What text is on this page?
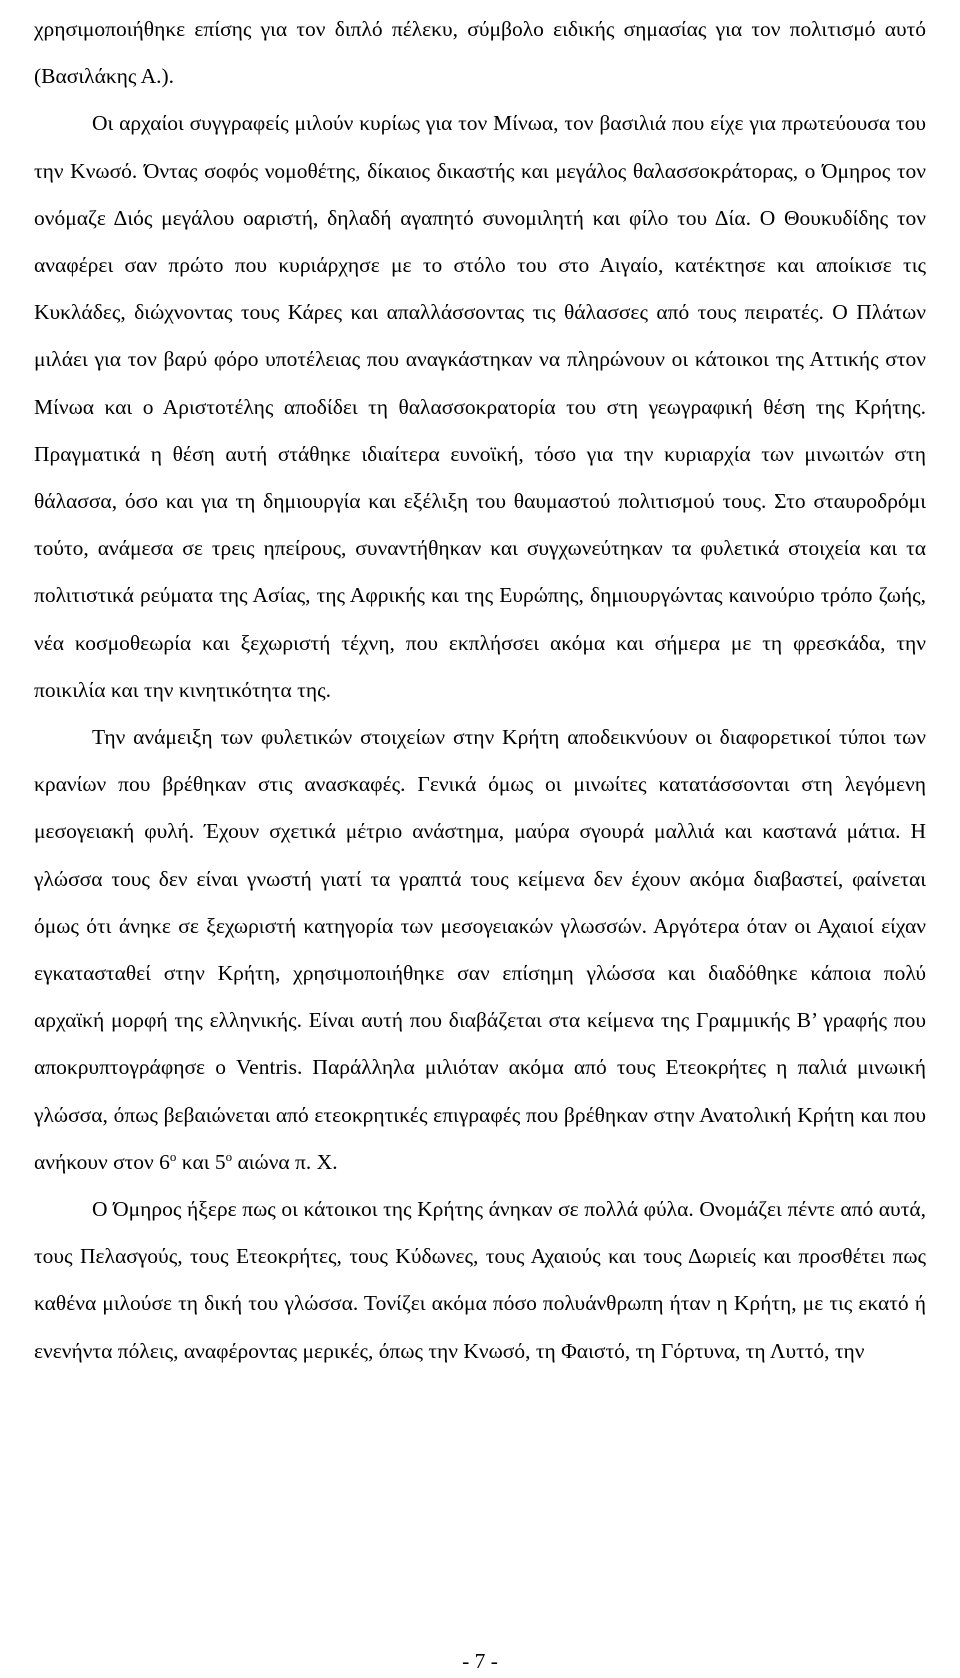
χρησιμοποιήθηκε επίσης για τον διπλό πέλεκυ, σύμβολο ειδικής σημασίας για τον πολιτισμό αυτό (Βασιλάκης Α.).

Οι αρχαίοι συγγραφείς μιλούν κυρίως για τον Μίνωα, τον βασιλιά που είχε για πρωτεύουσα του την Κνωσό. Όντας σοφός νομοθέτης, δίκαιος δικαστής και μεγάλος θαλασσοκράτορας, ο Όμηρος τον ονόμαζε Διός μεγάλου οαριστή, δηλαδή αγαπητό συνομιλητή και φίλο του Δία. Ο Θουκυδίδης τον αναφέρει σαν πρώτο που κυριάρχησε με το στόλο του στο Αιγαίο, κατέκτησε και αποίκισε τις Κυκλάδες, διώχνοντας τους Κάρες και απαλλάσσοντας τις θάλασσες από τους πειρατές. Ο Πλάτων μιλάει για τον βαρύ φόρο υποτέλειας που αναγκάστηκαν να πληρώνουν οι κάτοικοι της Αττικής στον Μίνωα και ο Αριστοτέλης αποδίδει τη θαλασσοκρατορία του στη γεωγραφική θέση της Κρήτης. Πραγματικά η θέση αυτή στάθηκε ιδιαίτερα ευνοϊκή, τόσο για την κυριαρχία των μινωιτών στη θάλασσα, όσο και για τη δημιουργία και εξέλιξη του θαυμαστού πολιτισμού τους. Στο σταυροδρόμι τούτο, ανάμεσα σε τρεις ηπείρους, συναντήθηκαν και συγχωνεύτηκαν τα φυλετικά στοιχεία και τα πολιτιστικά ρεύματα της Ασίας, της Αφρικής και της Ευρώπης, δημιουργώντας καινούριο τρόπο ζωής, νέα κοσμοθεωρία και ξεχωριστή τέχνη, που εκπλήσσει ακόμα και σήμερα με τη φρεσκάδα, την ποικιλία και την κινητικότητα της.

Την ανάμειξη των φυλετικών στοιχείων στην Κρήτη αποδεικνύουν οι διαφορετικοί τύποι των κρανίων που βρέθηκαν στις ανασκαφές. Γενικά όμως οι μινωίτες κατατάσσονται στη λεγόμενη μεσογειακή φυλή. Έχουν σχετικά μέτριο ανάστημα, μαύρα σγουρά μαλλιά και καστανά μάτια. Η γλώσσα τους δεν είναι γνωστή γιατί τα γραπτά τους κείμενα δεν έχουν ακόμα διαβαστεί, φαίνεται όμως ότι άνηκε σε ξεχωριστή κατηγορία των μεσογειακών γλωσσών. Αργότερα όταν οι Αχαιοί είχαν εγκατασταθεί στην Κρήτη, χρησιμοποιήθηκε σαν επίσημη γλώσσα και διαδόθηκε κάποια πολύ αρχαϊκή μορφή της ελληνικής. Είναι αυτή που διαβάζεται στα κείμενα της Γραμμικής Β’ γραφής που αποκρυπτογράφησε ο Ventris. Παράλληλα μιλιόταν ακόμα από τους Ετεοκρήτες η παλιά μινωική γλώσσα, όπως βεβαιώνεται από ετεοκρητικές επιγραφές που βρέθηκαν στην Ανατολική Κρήτη και που ανήκουν στον $6^o$ και $5^o$ αιώνα π. Χ.

Ο Όμηρος ήξερε πως οι κάτοικοι της Κρήτης άνηκαν σε πολλά φύλα. Ονομάζει πέντε από αυτά, τους Πελασγούς, τους Ετεοκρήτες, τους Κύδωνες, τους Αχαιούς και τους Δωριείς και προσθέτει πως καθένα μιλούσε τη δική του γλώσσα. Τονίζει ακόμα πόσο πολυάνθρωπη ήταν η Κρήτη, με τις εκατό ή ενενήντα πόλεις, αναφέροντας μερικές, όπως την Κνωσό, τη Φαιστό, τη Γόρτυνα, τη Λυττό, την

- 7 -
